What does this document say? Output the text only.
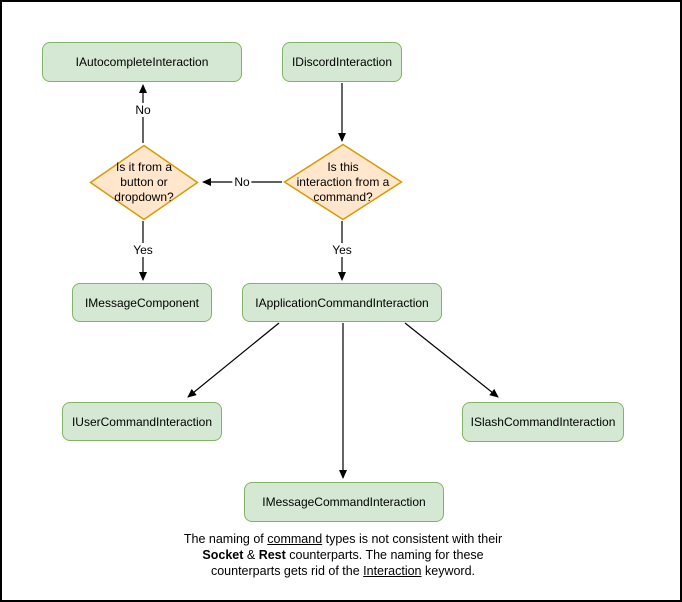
IAutocompleteInteraction	IDiscordInteraction
Is it from a
button or
dropdown?
Is this
interaction from a
command?
No
No
Yes	Yes
IMessageComponent	IApplicationCommandInteraction
IUserCommandInteraction	ISlashCommandInteraction
IMessageCommandInteraction
The naming of command types is not consistent with their
Socket & Rest counterparts. The naming for these
counterparts gets rid of the Interaction keyword.
